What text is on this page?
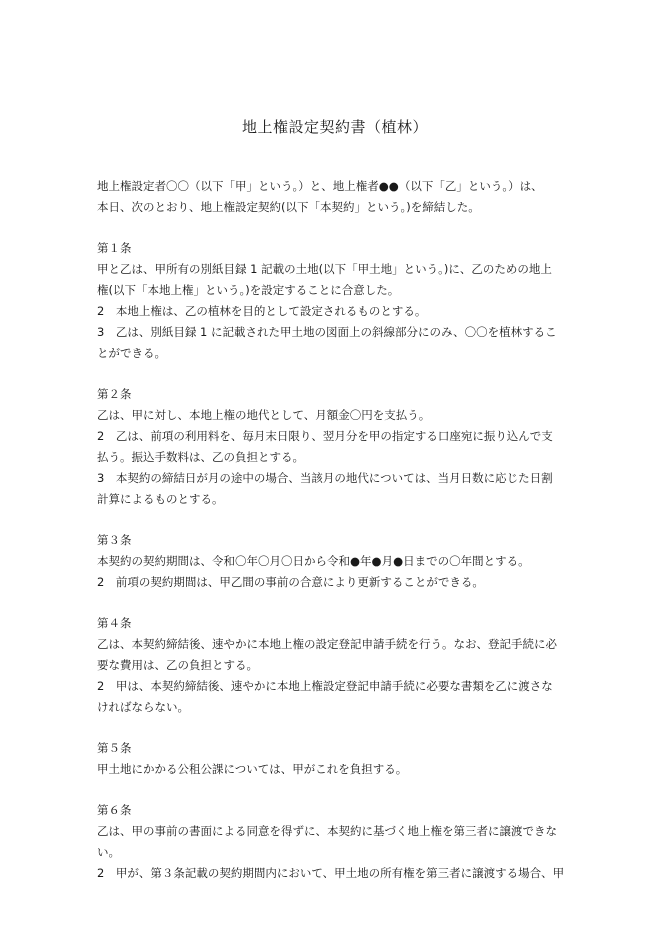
地上権設定契約書（植林）
地上権設定者〇〇（以下「甲」という。）と、地上権者●●（以下「乙」という。）は、
本日、次のとおり、地上権設定契約(以下「本契約」という。)を締結した。
第１条
甲と乙は、甲所有の別紙目録 1 記載の土地(以下「甲土地」という。)に、乙のための地上
権(以下「本地上権」という。)を設定することに合意した。
2　本地上権は、乙の植林を目的として設定されるものとする。
3　乙は、別紙目録 1 に記載された甲土地の図面上の斜線部分にのみ、〇〇を植林するこ
とができる。
第２条
乙は、甲に対し、本地上権の地代として、月額金〇円を支払う。
2　乙は、前項の利用料を、毎月末日限り、翌月分を甲の指定する口座宛に振り込んで支
払う。振込手数料は、乙の負担とする。
3　本契約の締結日が月の途中の場合、当該月の地代については、当月日数に応じた日割
計算によるものとする。
第３条
本契約の契約期間は、令和〇年〇月〇日から令和●年●月●日までの〇年間とする。
2　前項の契約期間は、甲乙間の事前の合意により更新することができる。
第４条
乙は、本契約締結後、速やかに本地上権の設定登記申請手続を行う。なお、登記手続に必
要な費用は、乙の負担とする。
2　甲は、本契約締結後、速やかに本地上権設定登記申請手続に必要な書類を乙に渡さな
ければならない。
第５条
甲土地にかかる公租公課については、甲がこれを負担する。
第６条
乙は、甲の事前の書面による同意を得ずに、本契約に基づく地上権を第三者に譲渡できな
い。
2　甲が、第３条記載の契約期間内において、甲土地の所有権を第三者に譲渡する場合、甲
